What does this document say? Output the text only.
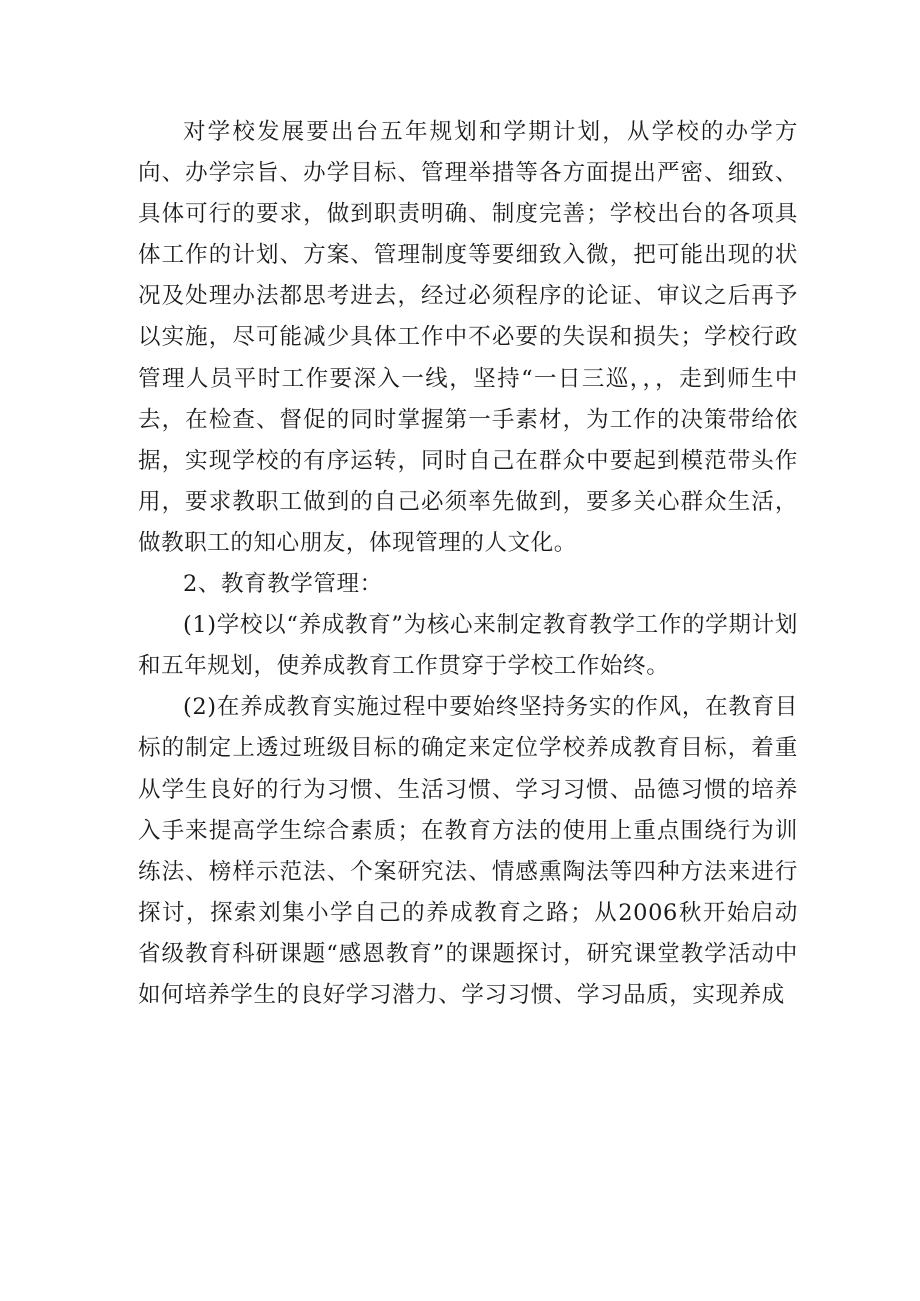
对学校发展要出台五年规划和学期计划，从学校的办学方向、办学宗旨、办学目标、管理举措等各方面提出严密、细致、具体可行的要求，做到职责明确、制度完善；学校出台的各项具体工作的计划、方案、管理制度等要细致入微，把可能出现的状况及处理办法都思考进去，经过必须程序的论证、审议之后再予以实施，尽可能减少具体工作中不必要的失误和损失；学校行政管理人员平时工作要深入一线，坚持“一日三巡，，，走到师生中去，在检查、督促的同时掌握第一手素材，为工作的决策带给依据，实现学校的有序运转，同时自己在群众中要起到模范带头作用，要求教职工做到的自己必须率先做到，要多关心群众生活，做教职工的知心朋友，体现管理的人文化。

2、教育教学管理：

(1)学校以“养成教育”为核心来制定教育教学工作的学期计划和五年规划，使养成教育工作贯穿于学校工作始终。

(2)在养成教育实施过程中要始终坚持务实的作风，在教育目标的制定上透过班级目标的确定来定位学校养成教育目标，着重从学生良好的行为习惯、生活习惯、学习习惯、品德习惯的培养入手来提高学生综合素质；在教育方法的使用上重点围绕行为训练法、榜样示范法、个案研究法、情感熏陶法等四种方法来进行探讨，探索刘集小学自己的养成教育之路；从2006秋开始启动省级教育科研课题“感恩教育”的课题探讨，研究课堂教学活动中如何培养学生的良好学习潜力、学习习惯、学习品质，实现养成
